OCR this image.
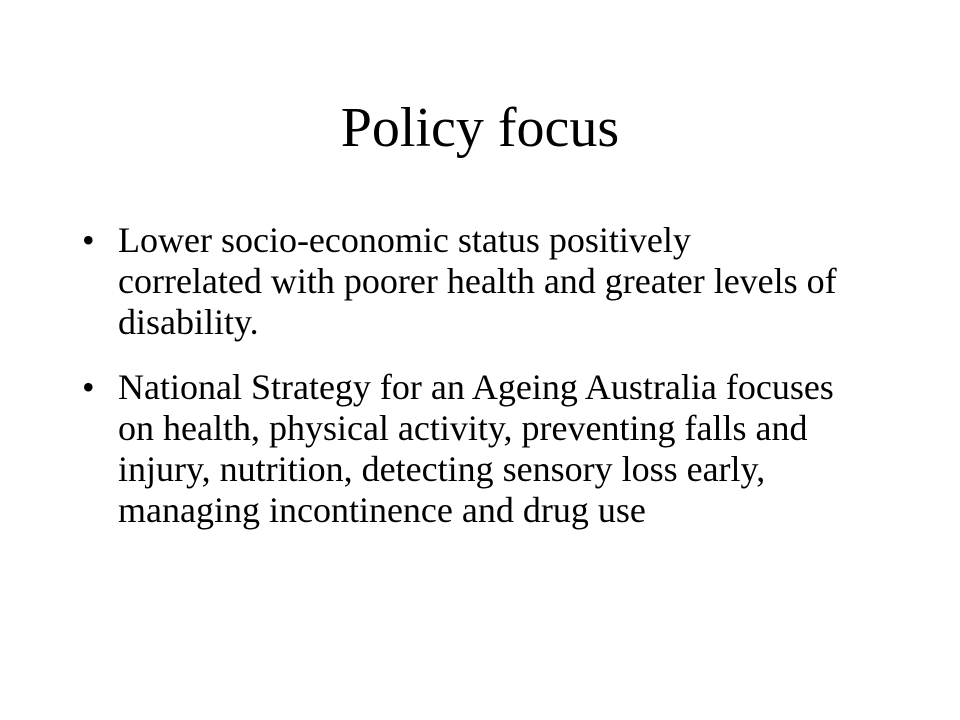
Policy focus
• Lower socio-economic status positively correlated with poorer health and greater levels of disability.
• National Strategy for an Ageing Australia focuses on health, physical activity, preventing falls and injury, nutrition, detecting sensory loss early, managing incontinence and drug use
